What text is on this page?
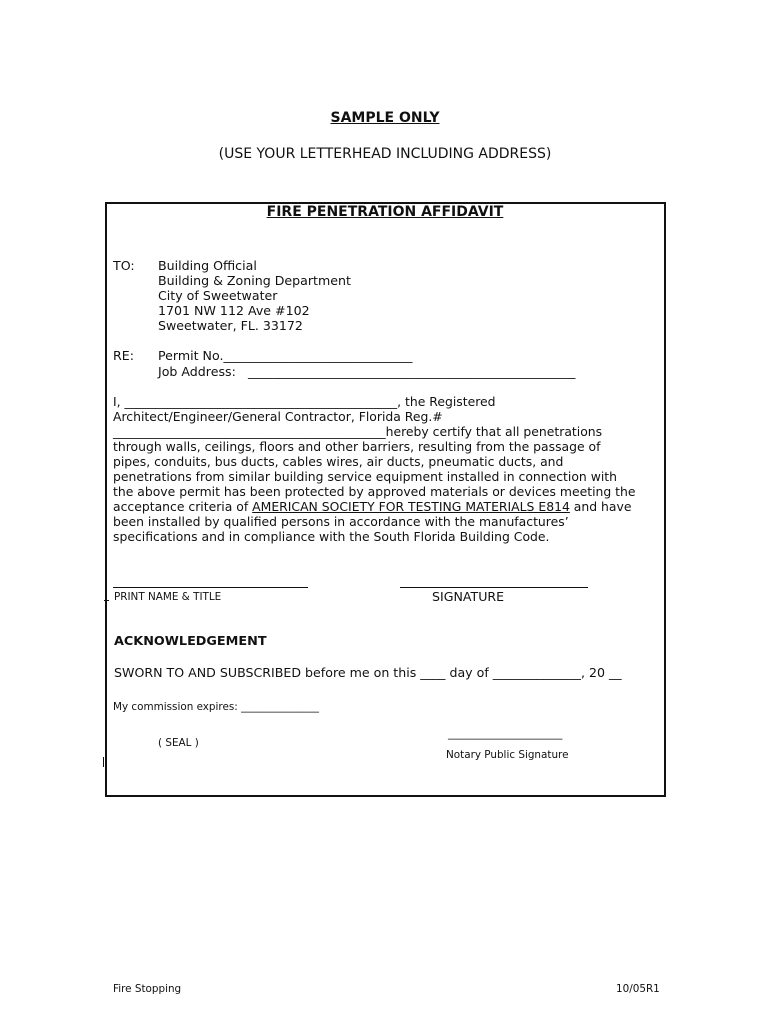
SAMPLE ONLY
(USE YOUR LETTERHEAD INCLUDING ADDRESS)
FIRE PENETRATION AFFIDAVIT
TO: Building Official
Building & Zoning Department
City of Sweetwater
1701 NW 112 Ave #102
Sweetwater, FL. 33172
RE: Permit No.______________________________
Job Address: ____________________________________________________
I, ____________________________________________, the Registered
Architect/Engineer/General Contractor, Florida Reg.#
____________________________________________hereby certify that all penetrations
through walls, ceilings, floors and other barriers, resulting from the passage of
pipes, conduits, bus ducts, cables wires, air ducts, pneumatic ducts, and
penetrations from similar building service equipment installed in connection with
the above permit has been protected by approved materials or devices meeting the
acceptance criteria of AMERICAN SOCIETY FOR TESTING MATERIALS E814 and have
been installed by qualified persons in accordance with the manufactures’
specifications and in compliance with the South Florida Building Code.
PRINT NAME & TITLE	SIGNATURE
ACKNOWLEDGEMENT
SWORN TO AND SUBSCRIBED before me on this ____ day of ______________, 20 __
My commission expires: _______________
______________________
( SEAL )
Notary Public Signature
Fire Stopping	10/05R1
